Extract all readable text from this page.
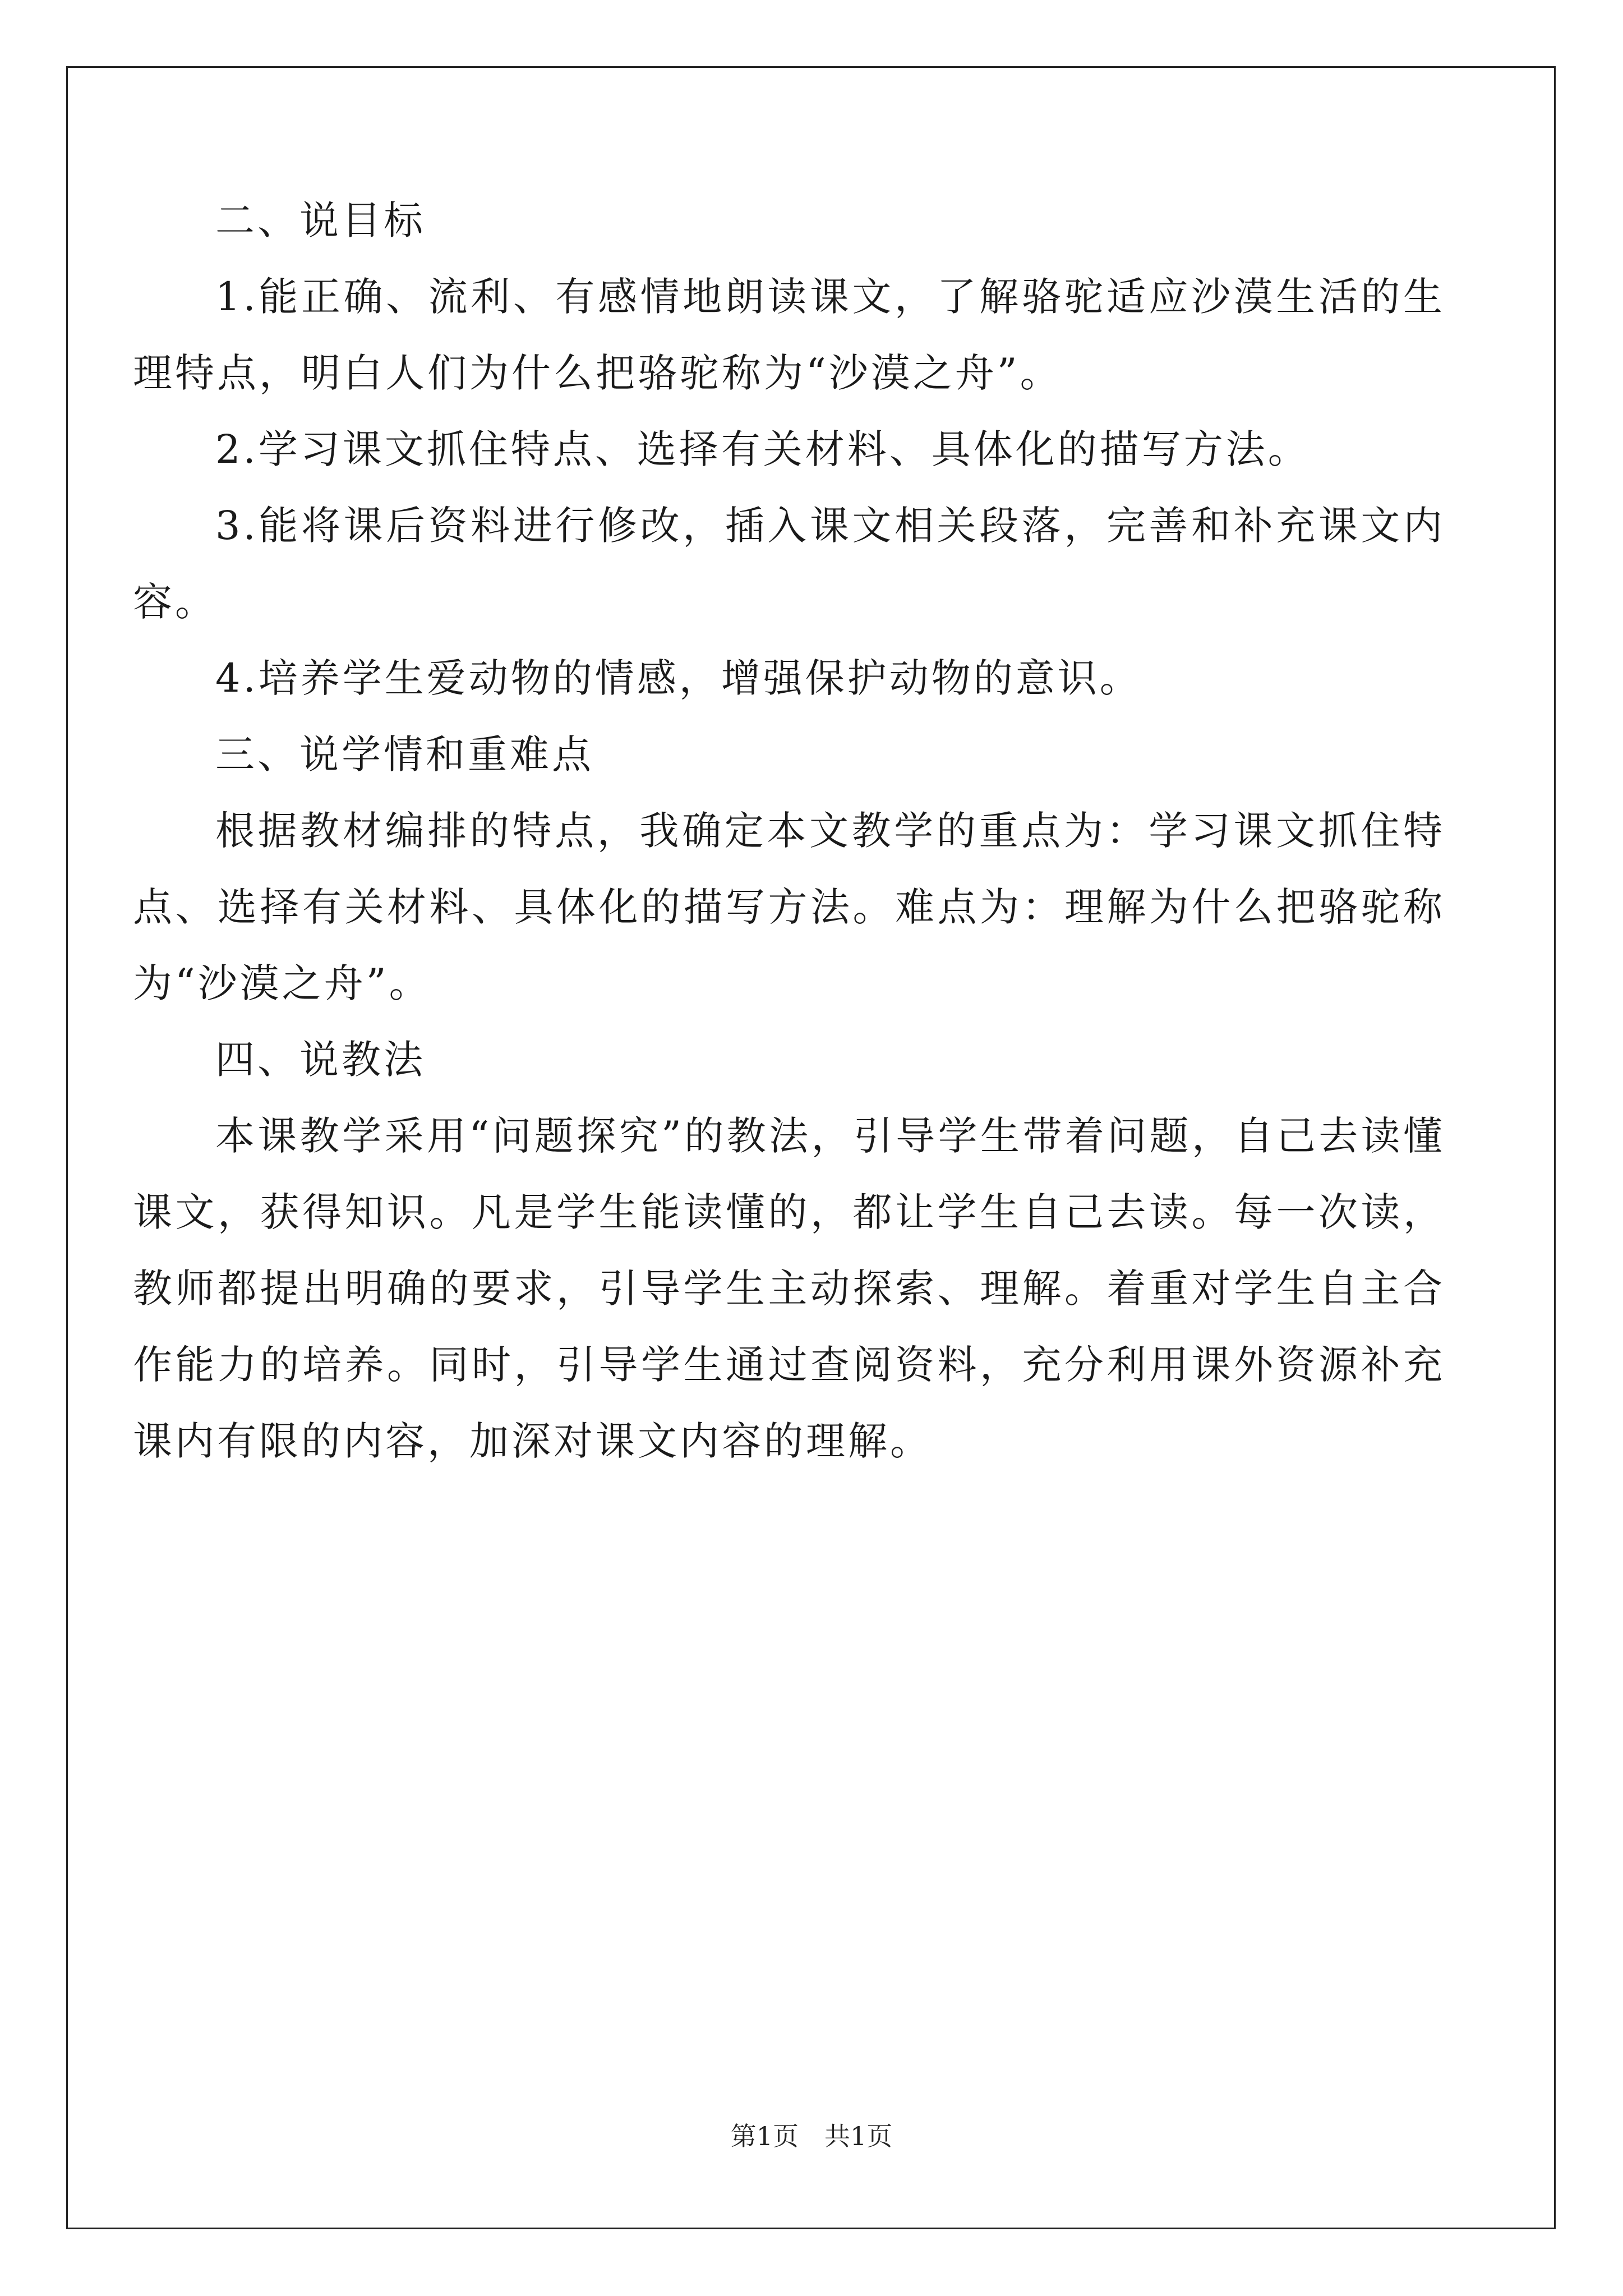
二、说目标

1.能正确、流利、有感情地朗读课文，了解骆驼适应沙漠生活的生理特点，明白人们为什么把骆驼称为“沙漠之舟”。

2.学习课文抓住特点、选择有关材料、具体化的描写方法。

3.能将课后资料进行修改，插入课文相关段落，完善和补充课文内容。

4.培养学生爱动物的情感，增强保护动物的意识。

三、说学情和重难点

根据教材编排的特点，我确定本文教学的重点为：学习课文抓住特点、选择有关材料、具体化的描写方法。难点为：理解为什么把骆驼称为“沙漠之舟”。

四、说教法

本课教学采用“问题探究”的教法，引导学生带着问题，自己去读懂课文，获得知识。凡是学生能读懂的，都让学生自己去读。每一次读，教师都提出明确的要求，引导学生主动探索、理解。着重对学生自主合作能力的培养。同时，引导学生通过查阅资料，充分利用课外资源补充课内有限的内容，加深对课文内容的理解。

第1页 共1页
